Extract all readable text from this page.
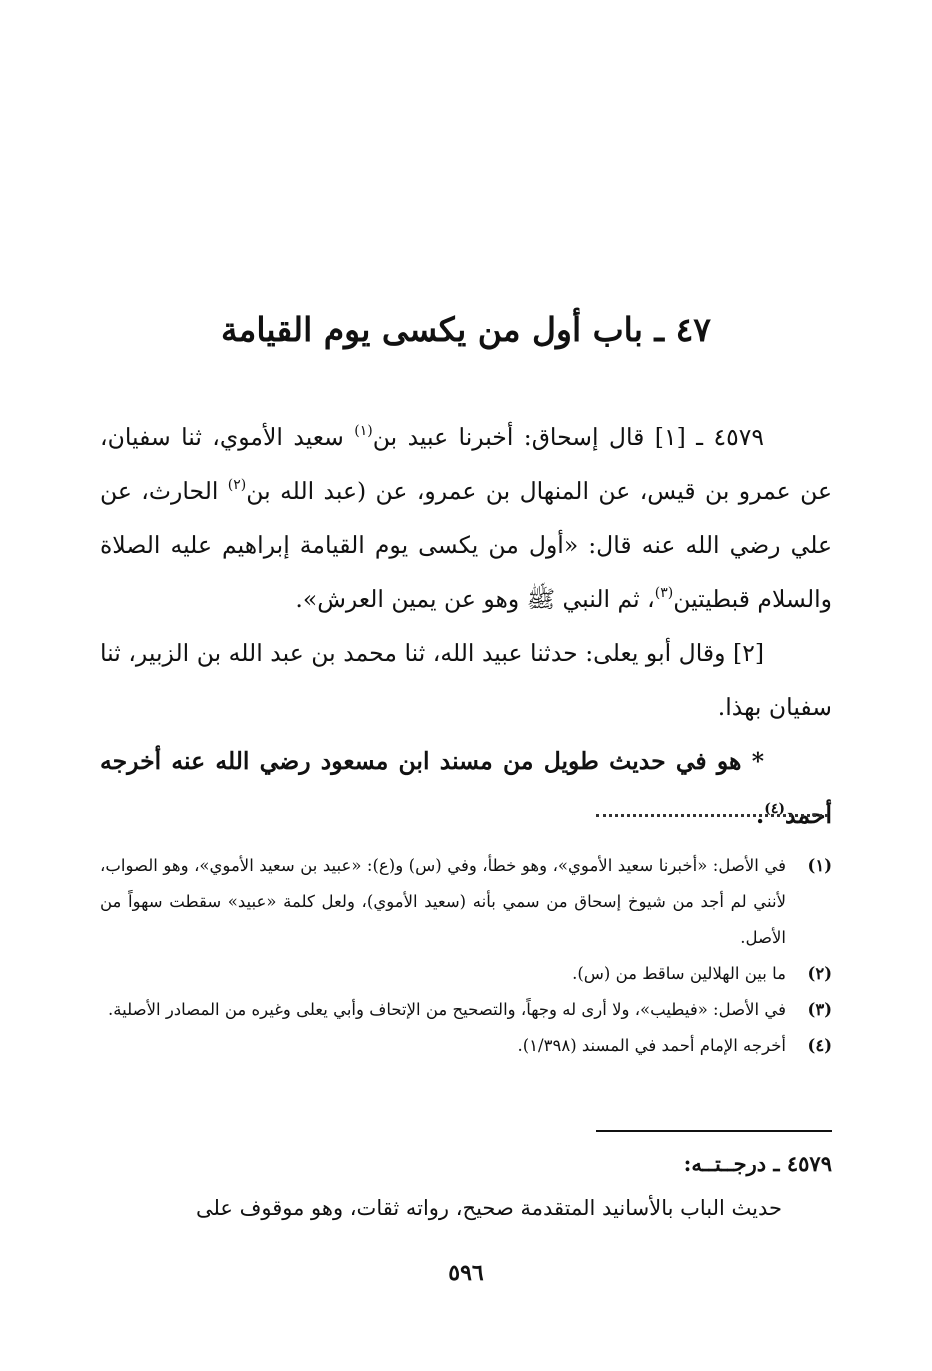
٤٧ ـ باب أول من يكسى يوم القيامة

٤٥٧٩ ـ [١] قال إسحاق: أخبرنا عبيد بن$^{(١)}$ سعيد الأموي، ثنا سفيان، عن عمرو بن قيس، عن المنهال بن عمرو، عن (عبد الله بن$^{(٢)}$ الحارث، عن علي رضي الله عنه قال: «أول من يكسى يوم القيامة إبراهيم عليه الصلاة والسلام قبطيتين$^{(٣)}$، ثم النبي ﷺ وهو عن يمين العرش».

[٢] وقال أبو يعلى: حدثنا عبيد الله، ثنا محمد بن عبد الله بن الزبير، ثنا سفيان بهذا.

* هو في حديث طويل من مسند ابن مسعود رضي الله عنه أخرجه أحمد$^{(٤)}$.

(١)
في الأصل: «أخبرنا سعيد الأموي»، وهو خطأ، وفي (س) و(ع): «عبيد بن سعيد الأموي»، وهو الصواب، لأنني لم أجد من شيوخ إسحاق من سمي بأنه (سعيد الأموي)، ولعل كلمة «عبيد» سقطت سهواً من الأصل.
(٢)
ما بين الهلالين ساقط من (س).
(٣)
في الأصل: «فيطيب»، ولا أرى له وجهاً، والتصحيح من الإتحاف وأبي يعلى وغيره من المصادر الأصلية.
(٤)
أخرجه الإمام أحمد في المسند (١/٣٩٨).
٤٥٧٩ ـ درجــتــه:
حديث الباب بالأسانيد المتقدمة صحيح، رواته ثقات، وهو موقوف على
٥٩٦
